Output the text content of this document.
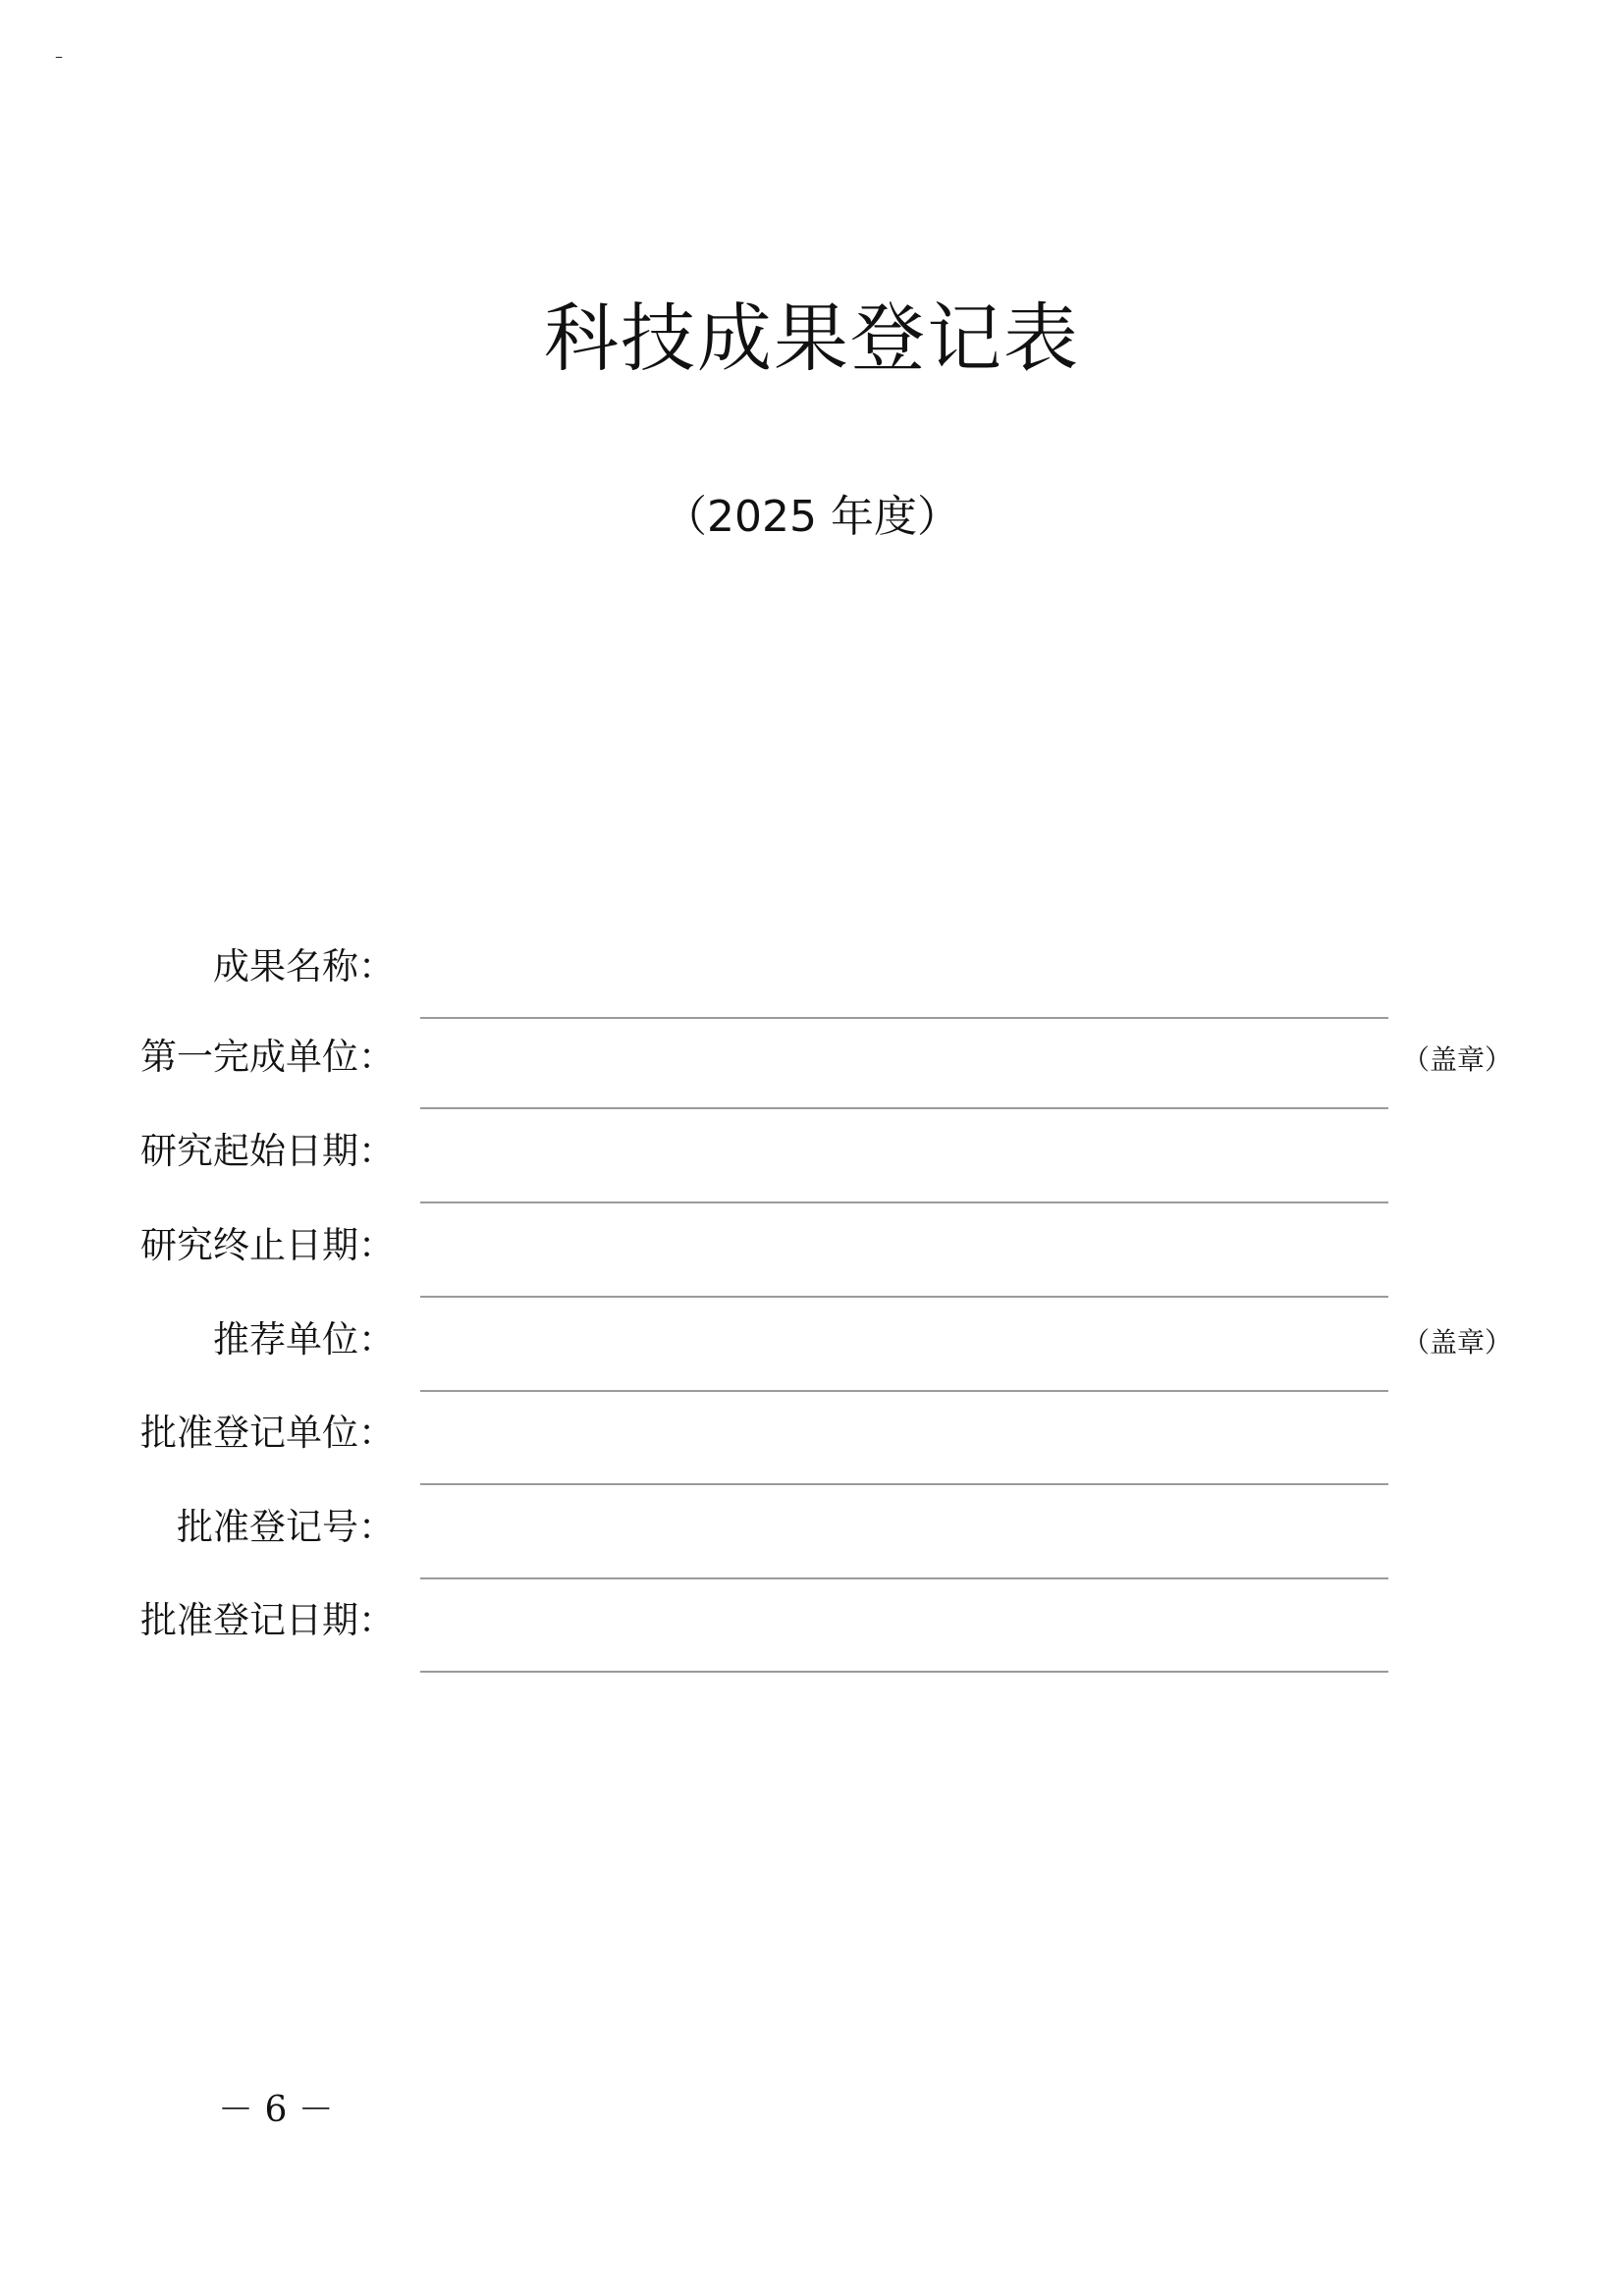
–
科技成果登记表
（2025 年度）
成果名称：
第一完成单位：	（盖章）
研究起始日期：
研究终止日期：
推荐单位：	（盖章）
批准登记单位：
批准登记号：
批准登记日期：
－ 6 －
